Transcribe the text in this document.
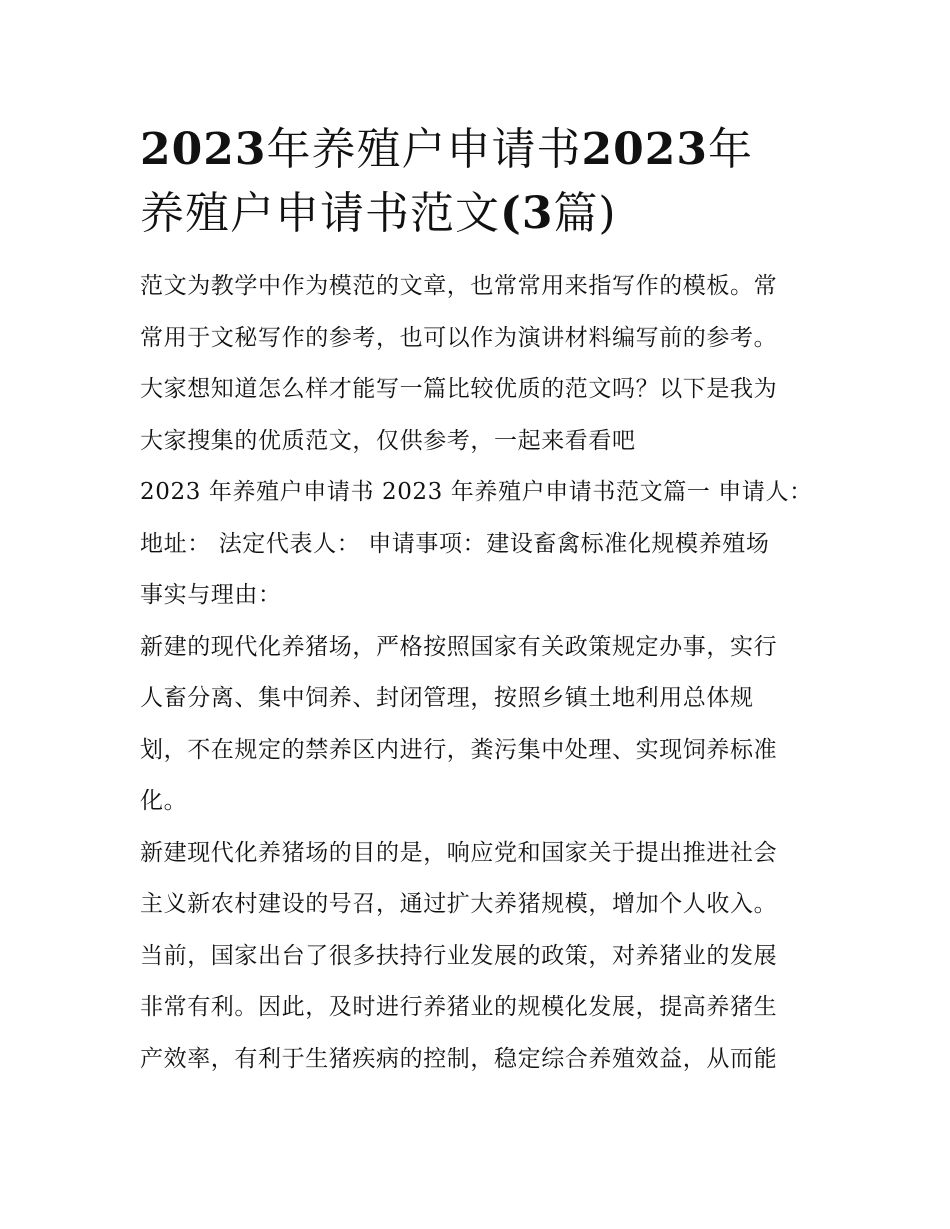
2023年养殖户申请书2023年
养殖户申请书范文(3篇)
范文为教学中作为模范的文章，也常常用来指写作的模板。常
常用于文秘写作的参考，也可以作为演讲材料编写前的参考。
大家想知道怎么样才能写一篇比较优质的范文吗？以下是我为
大家搜集的优质范文，仅供参考，一起来看看吧
2023 年养殖户申请书 2023 年养殖户申请书范文篇一 申请人：
地址： 法定代表人： 申请事项：建设畜禽标准化规模养殖场
事实与理由：
新建的现代化养猪场，严格按照国家有关政策规定办事，实行
人畜分离、集中饲养、封闭管理，按照乡镇土地利用总体规
划，不在规定的禁养区内进行，粪污集中处理、实现饲养标准
化。
新建现代化养猪场的目的是，响应党和国家关于提出推进社会
主义新农村建设的号召，通过扩大养猪规模，增加个人收入。
当前，国家出台了很多扶持行业发展的政策，对养猪业的发展
非常有利。因此，及时进行养猪业的规模化发展，提高养猪生
产效率，有利于生猪疾病的控制，稳定综合养殖效益，从而能
